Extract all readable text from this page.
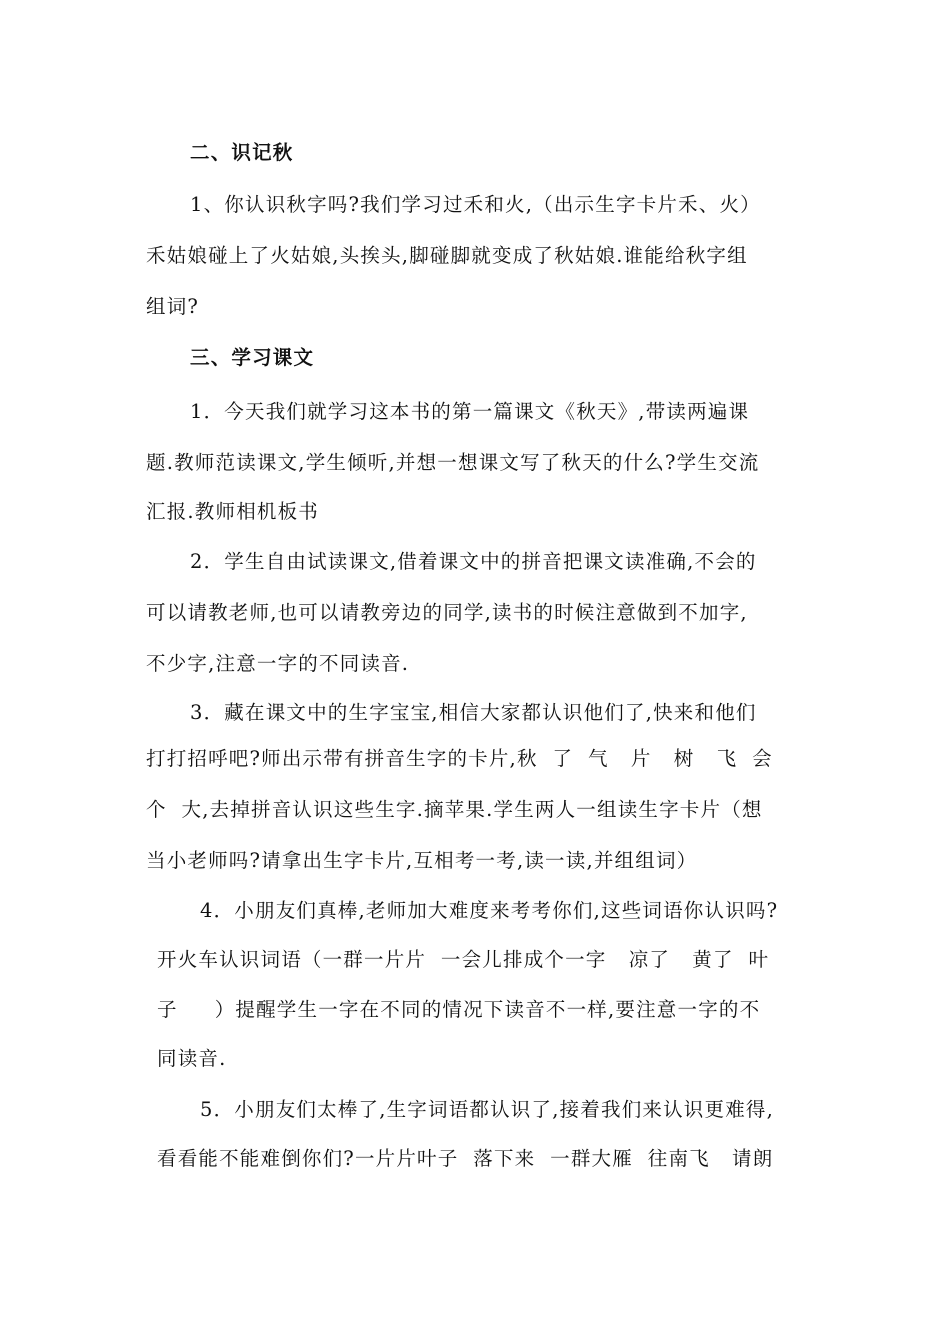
二、识记秋
1、你认识秋字吗?我们学习过禾和火,（出示生字卡片禾、火）
禾姑娘碰上了火姑娘,头挨头,脚碰脚就变成了秋姑娘.谁能给秋字组
组词?
三、学习课文
1．今天我们就学习这本书的第一篇课文《秋天》,带读两遍课
题.教师范读课文,学生倾听,并想一想课文写了秋天的什么?学生交流
汇报.教师相机板书
2．学生自由试读课文,借着课文中的拼音把课文读准确,不会的
可以请教老师,也可以请教旁边的同学,读书的时候注意做到不加字,
不少字,注意一字的不同读音.
3．藏在课文中的生字宝宝,相信大家都认识他们了,快来和他们
打打招呼吧?师出示带有拼音生字的卡片,秋  了  气   片   树   飞  会
个  大,去掉拼音认识这些生字.摘苹果.学生两人一组读生字卡片（想
当小老师吗?请拿出生字卡片,互相考一考,读一读,并组组词）
4．小朋友们真棒,老师加大难度来考考你们,这些词语你认识吗?
开火车认识词语（一群一片片  一会儿排成个一字   凉了   黄了  叶
子     ）提醒学生一字在不同的情况下读音不一样,要注意一字的不
同读音.
5．小朋友们太棒了,生字词语都认识了,接着我们来认识更难得,
看看能不能难倒你们?一片片叶子  落下来  一群大雁  往南飞   请朗
